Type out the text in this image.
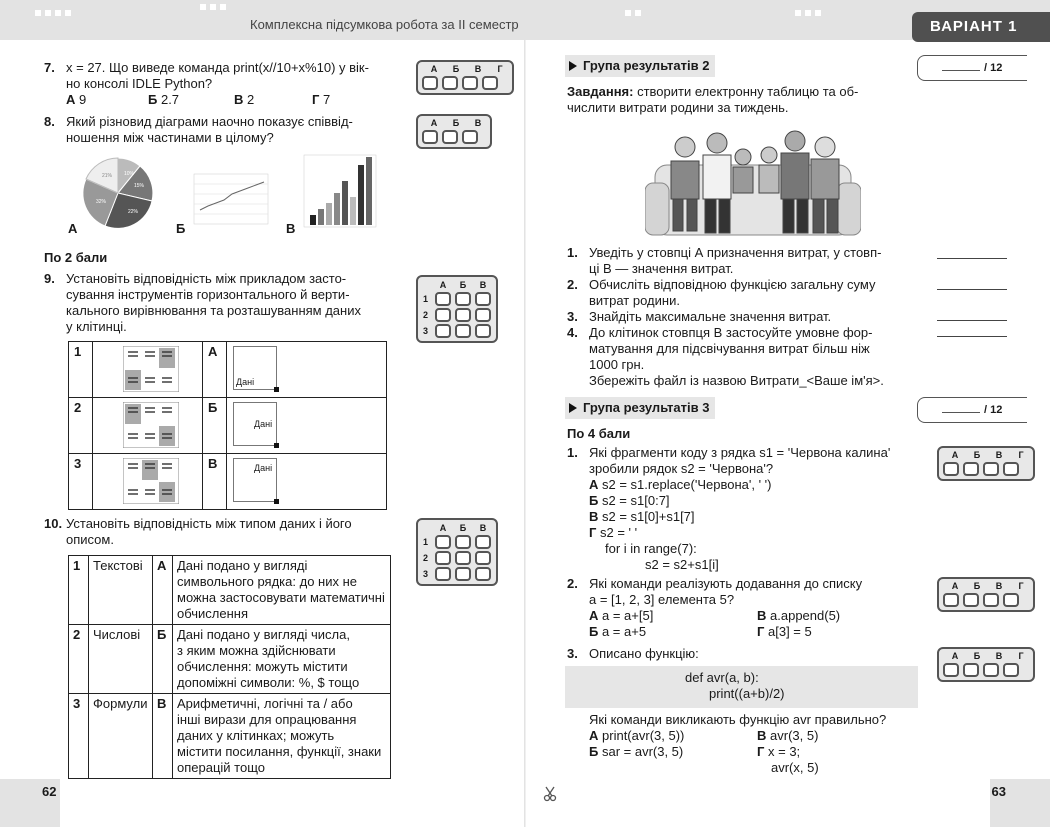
Комплексна підсумкова робота за ІІ семестр
7. x = 27. Що виведе команда print(x//10+x%10) у вік-
но консолі IDLE Python?
А 9	Б 2.7	В 2	Г 7
А	Б	В	Г
8. Який різновид діаграми наочно показує співвід-
ношення між частинами в цілому?
А	Б	В
10%
15%
22%
32%
21%
А	Б	В
По 2 бали
9. Установіть відповідність між прикладом засто-
сування інструментів горизонтального й верти-
кального вирівнювання та розташуванням даних
у клітинці.
А	Б	В
1
2
3
1		А	Дані

2		Б	Дані

3		В	Дані
10. Установіть відповідність між типом даних і його
описом.
А	Б	В
1
2
3
1	Текстові	А	Дані подано у вигляді
символьного рядка: до них не
можна застосовувати математичні
обчислення

2	Числові	Б	Дані подано у вигляді числа,
з яким можна здійснювати
обчислення: можуть містити
допоміжні символи: %, $ тощо

3	Формули	В	Арифметичні, логічні та / або
інші вирази для опрацювання
даних у клітинках; можуть
містити посилання, функції, знаки
операцій тощо
62
ВАРІАНТ 1
Група результатів 2	/ 12
Завдання: створити електронну таблицю та об-
числити витрати родини за тиждень.
1. Уведіть у стовпці А призначення витрат, у стовп-
ці В — значення витрат.
2. Обчисліть відповідною функцією загальну суму
витрат родини.
3. Знайдіть максимальне значення витрат.
4. До клітинок стовпця В застосуйте умовне фор-
матування для підсвічування витрат більш ніж
1000 грн.
Збережіть файл із назвою Витрати_<Ваше ім'я>.
Група результатів 3	/ 12
По 4 бали
1. Які фрагменти коду з рядка s1 = 'Червона калина'
зробили рядок s2 = 'Червона'?
А s2 = s1.replace('Червона', ' ')
Б s2 = s1[0:7]
В s2 = s1[0]+s1[7]
Г s2 = ' '
for i in range(7):
s2 = s2+s1[i]
А	Б	В	Г
2. Які команди реалізують додавання до списку
a = [1, 2, 3] елемента 5?
А a = a+[5]	В a.append(5)
Б a = a+5	Г a[3] = 5
А	Б	В	Г
3. Описано функцію:	А	Б	В	Г
def avr(a, b):
print((a+b)/2)
Які команди викликають функцію avr правильно?
А print(avr(3, 5))	В avr(3, 5)
Б sar = avr(3, 5)	Г x = 3;
avr(x, 5)
63
